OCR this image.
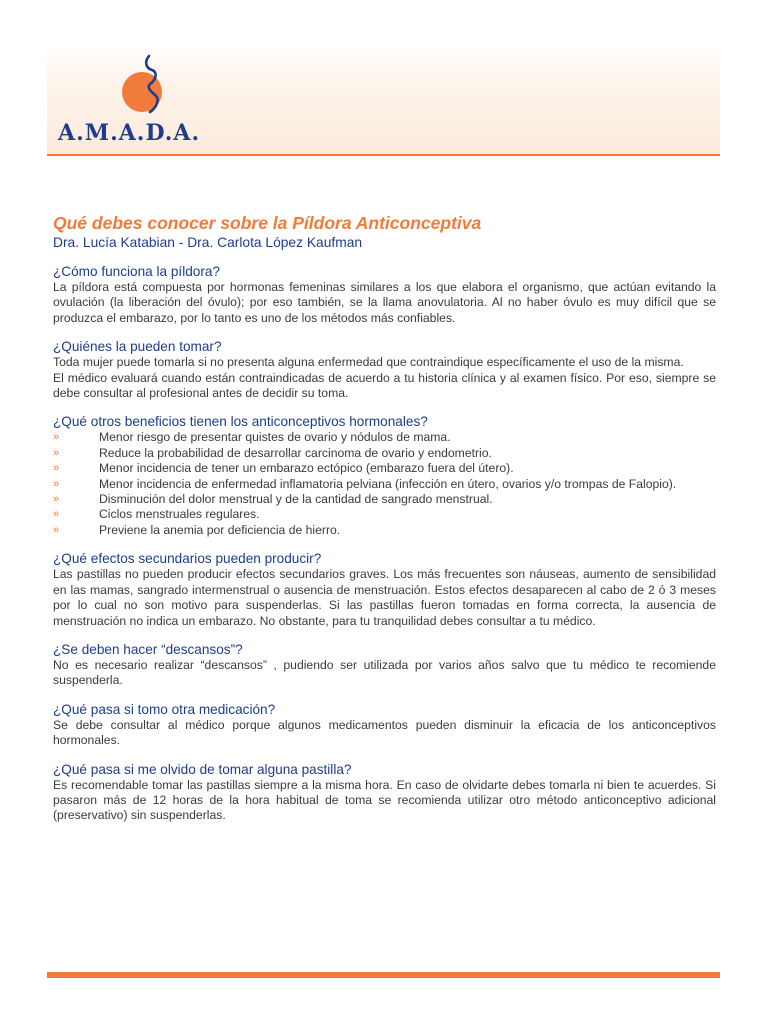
A.M.A.D.A.
Qué debes conocer sobre la Píldora Anticonceptiva
Dra. Lucía Katabian - Dra. Carlota López Kaufman
¿Cómo funciona la píldora?

La píldora está compuesta por hormonas femeninas similares a los que elabora el organismo, que actúan evitando la ovulación (la liberación del óvulo); por eso también, se la llama anovulatoria. Al no haber óvulo es muy difícil que se produzca el embarazo, por lo tanto es uno de los métodos más confiables.

¿Quiénes la pueden tomar?

Toda mujer puede tomarla si no presenta alguna enfermedad que contraindique específicamente el uso de la misma.

El médico evaluará cuando están contraindicadas de acuerdo a tu historia clínica y al examen físico. Por eso, siempre se debe consultar al profesional antes de decidir su toma.

¿Qué otros beneficios tienen los anticonceptivos hormonales?
»	Menor riesgo de presentar quistes de ovario y nódulos de mama.
»	Reduce la probabilidad de desarrollar carcinoma de ovario y endometrio.
»	Menor incidencia de tener un embarazo ectópico (embarazo fuera del útero).
»	Menor incidencia de enfermedad inflamatoria pelviana (infección en útero, ovarios y/o trompas de Falopio).
»	Disminución del dolor menstrual y de la cantidad de sangrado menstrual.
»	Ciclos menstruales regulares.
»	Previene la anemia por deficiencia de hierro.
¿Qué efectos secundarios pueden producir?

Las pastillas no pueden producir efectos secundarios graves. Los más frecuentes son náuseas, aumento de sensibilidad en las mamas, sangrado intermenstrual o ausencia de menstruación. Estos efectos desaparecen al cabo de 2 ó 3 meses por lo cual no son motivo para suspenderlas. Si las pastillas fueron tomadas en forma correcta, la ausencia de menstruación no indica un embarazo. No obstante, para tu tranquilidad debes consultar a tu médico.

¿Se deben hacer “descansos”?

No es necesario realizar “descansos” , pudiendo ser utilizada por varios años salvo que tu médico te recomiende suspenderla.

¿Qué pasa si tomo otra medicación?

Se debe consultar al médico porque algunos medicamentos pueden disminuir la eficacia de los anticonceptivos hormonales.

¿Qué pasa si me olvido de tomar alguna pastilla?

Es recomendable tomar las pastillas siempre a la misma hora. En caso de olvidarte debes tomarla ni bien te acuerdes. Si pasaron más de 12 horas de la hora habitual de toma se recomienda utilizar otro método anticonceptivo adicional (preservativo) sin suspenderlas.
